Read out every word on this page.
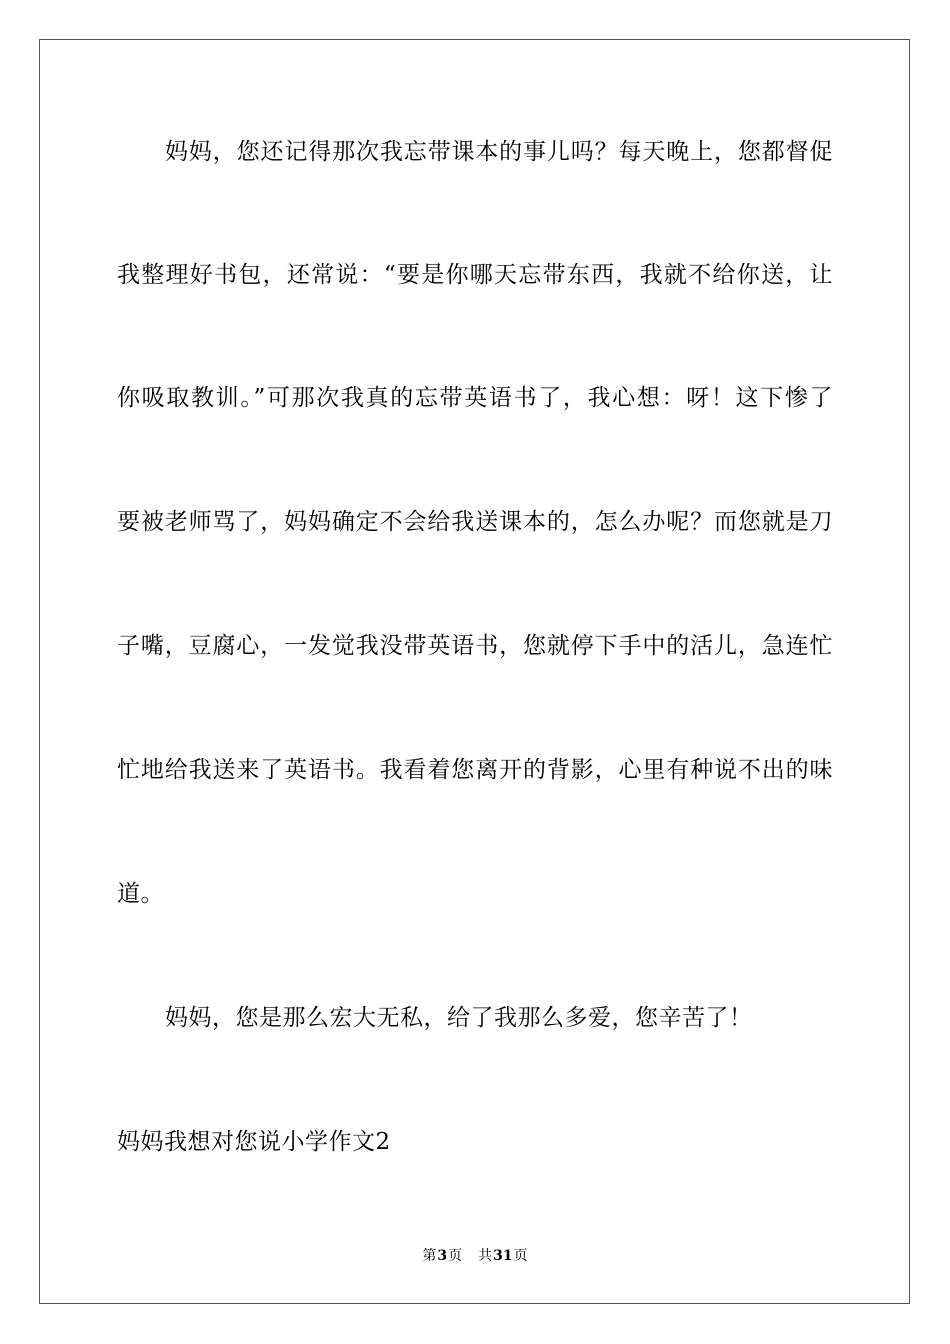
妈妈，您还记得那次我忘带课本的事儿吗？每天晚上，您都督促
我整理好书包，还常说：“要是你哪天忘带东西，我就不给你送，让
你吸取教训。”可那次我真的忘带英语书了，我心想：呀！这下惨了
要被老师骂了，妈妈确定不会给我送课本的，怎么办呢？而您就是刀
子嘴，豆腐心，一发觉我没带英语书，您就停下手中的活儿，急连忙
忙地给我送来了英语书。我看着您离开的背影，心里有种说不出的味
道。
妈妈，您是那么宏大无私，给了我那么多爱，您辛苦了！
妈妈我想对您说小学作文2
第3页 共31页
